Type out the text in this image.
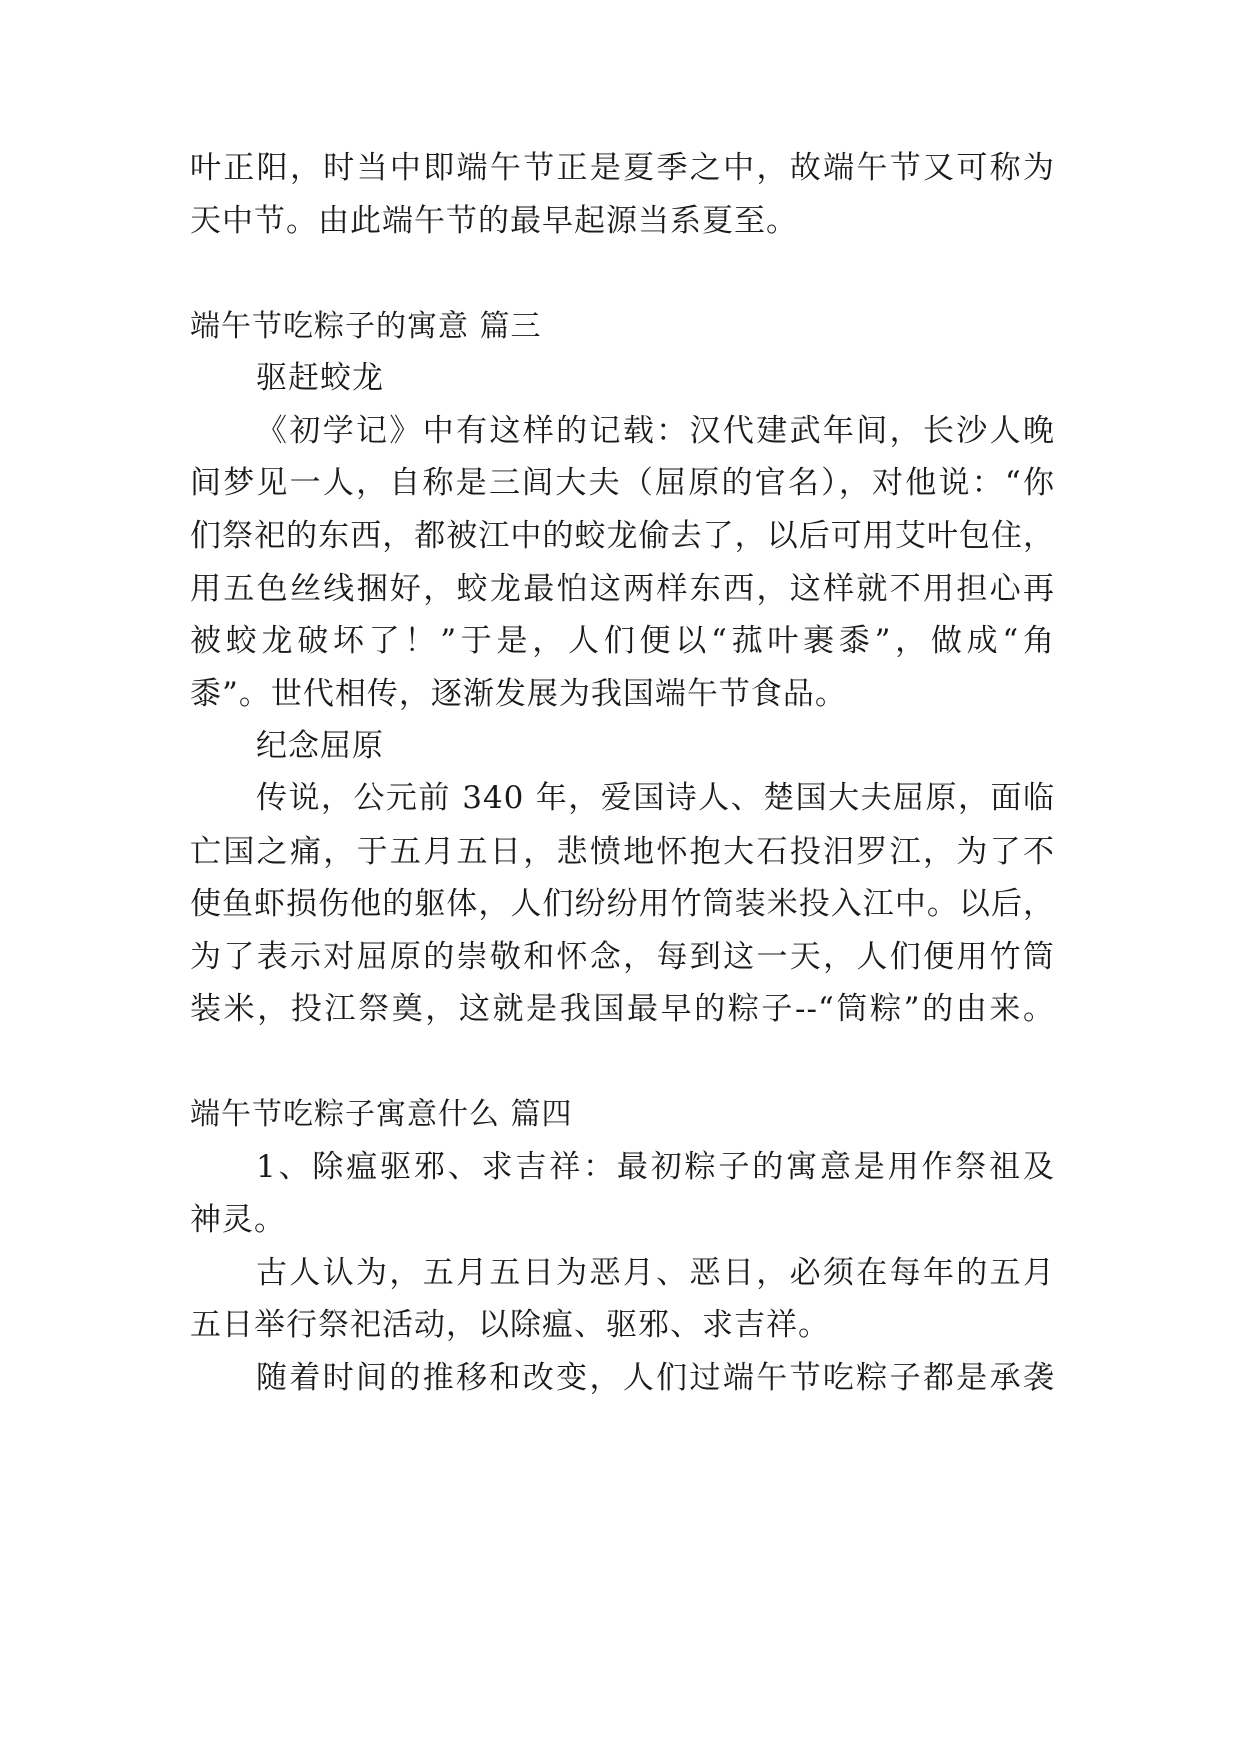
叶正阳，时当中即端午节正是夏季之中，故端午节又可称为
天中节。由此端午节的最早起源当系夏至。
端午节吃粽子的寓意 篇三
驱赶蛟龙
《初学记》中有这样的记载：汉代建武年间，长沙人晚
间梦见一人，自称是三闾大夫（屈原的官名），对他说：“你
们祭祀的东西，都被江中的蛟龙偷去了，以后可用艾叶包住，
用五色丝线捆好，蛟龙最怕这两样东西，这样就不用担心再
被蛟龙破坏了！”于是，人们便以“菰叶裹黍”，做成“角
黍”。世代相传，逐渐发展为我国端午节食品。
纪念屈原
传说，公元前 340 年，爱国诗人、楚国大夫屈原，面临
亡国之痛，于五月五日，悲愤地怀抱大石投汨罗江，为了不
使鱼虾损伤他的躯体，人们纷纷用竹筒装米投入江中。以后，
为了表示对屈原的崇敬和怀念，每到这一天，人们便用竹筒
装米，投江祭奠，这就是我国最早的粽子--“筒粽”的由来。
端午节吃粽子寓意什么 篇四
1、除瘟驱邪、求吉祥：最初粽子的寓意是用作祭祖及
神灵。
古人认为，五月五日为恶月、恶日，必须在每年的五月
五日举行祭祀活动，以除瘟、驱邪、求吉祥。
随着时间的推移和改变，人们过端午节吃粽子都是承袭
